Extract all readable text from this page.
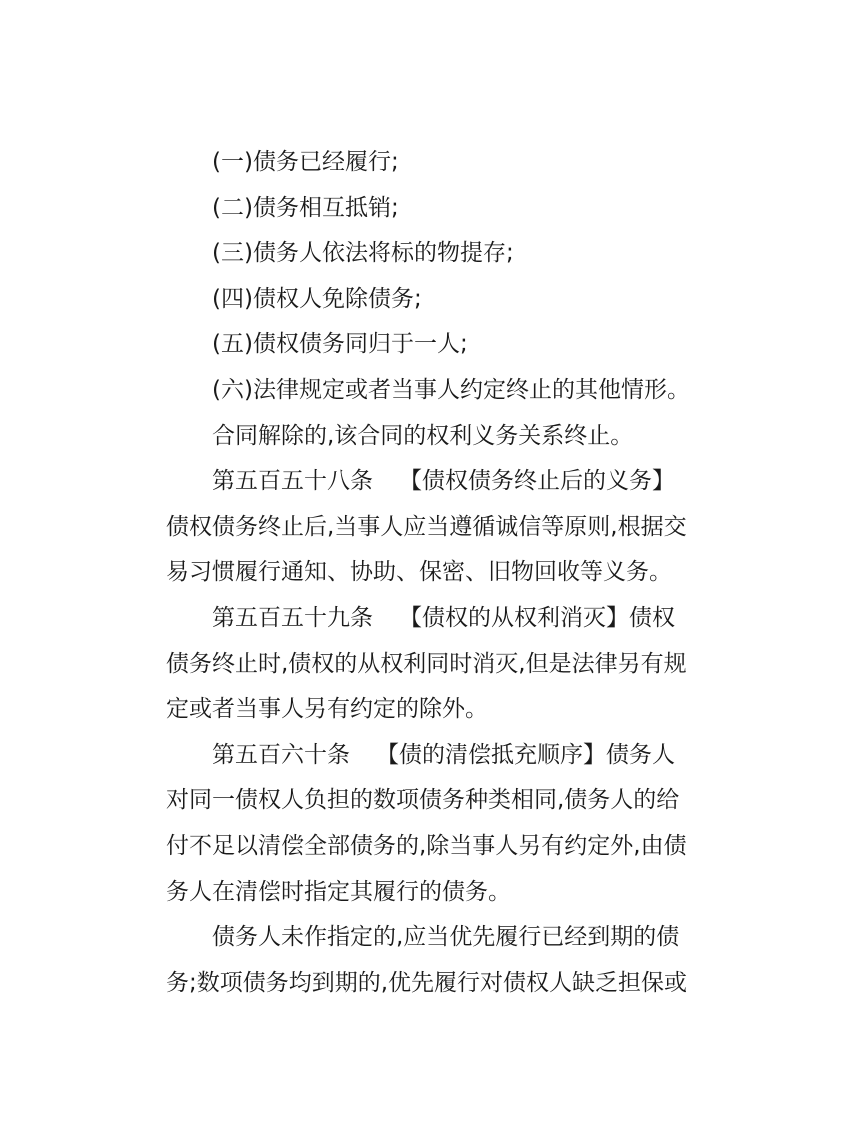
(一)债务已经履行;

(二)债务相互抵销;

(三)债务人依法将标的物提存;

(四)债权人免除债务;

(五)债权债务同归于一人;

(六)法律规定或者当事人约定终止的其他情形。

合同解除的,该合同的权利义务关系终止。

第五百五十八条 【债权债务终止后的义务】债权债务终止后,当事人应当遵循诚信等原则,根据交易习惯履行通知、协助、保密、旧物回收等义务。

第五百五十九条 【债权的从权利消灭】债权债务终止时,债权的从权利同时消灭,但是法律另有规定或者当事人另有约定的除外。

第五百六十条 【债的清偿抵充顺序】债务人对同一债权人负担的数项债务种类相同,债务人的给付不足以清偿全部债务的,除当事人另有约定外,由债务人在清偿时指定其履行的债务。

债务人未作指定的,应当优先履行已经到期的债务;数项债务均到期的,优先履行对债权人缺乏担保或
